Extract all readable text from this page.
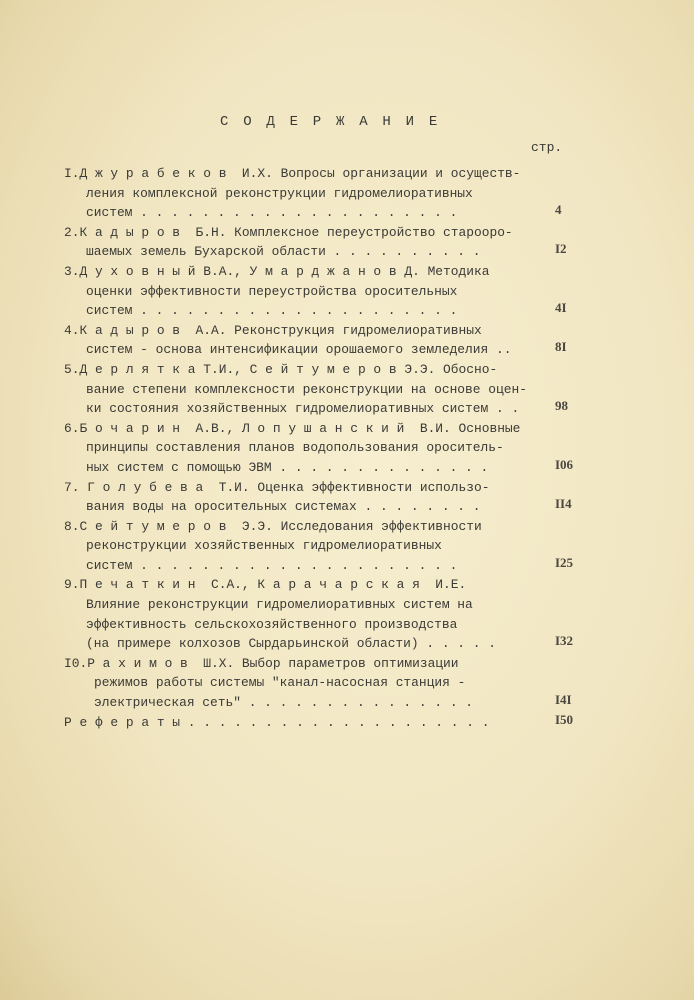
С О Д Е Р Ж А Н И Е
стр.
I.Д ж у р а б е к о в  И.Х. Вопросы организации и осуществ-
ления комплексной реконструкции гидромелиоративных
систем . . . . . . . . . . . . . . . . . . . . .	4
2.К а д ы р о в  Б.Н. Комплексное переустройство староорo-
шаемых земель Бухарской области . . . . . . . . . .	I2
3.Д у х о в н ы й В.А., У м а р д ж а н о в Д. Методика
оценки эффективности переустройства оросительных
систем . . . . . . . . . . . . . . . . . . . . .	4I
4.К а д ы р о в  А.А. Реконструкция гидромелиоративных
систем - основа интенсификации орошаемого земледелия ..	8I
5.Д е р л я т к а Т.И., С е й т у м е р о в Э.Э. Обосно-
вание степени комплексности реконструкции на основе оцен-
ки состояния хозяйственных гидромелиоративных систем . .	98
6.Б о ч а р и н  А.В., Л о п у ш а н с к и й  В.И. Основные
принципы составления планов водопользования ороситель-
ных систем с помощью ЭВМ . . . . . . . . . . . . . .	I06
7. Г о л у б е в а  Т.И. Оценка эффективности использо-
вания воды на оросительных системах . . . . . . . .	II4
8.С е й т у м е р о в  Э.Э. Исследования эффективности
реконструкции хозяйственных гидромелиоративных
систем . . . . . . . . . . . . . . . . . . . . .	I25
9.П е ч а т к и н  С.А., К а р а ч а р с к а я  И.Е.
Влияние реконструкции гидромелиоративных систем на
эффективность сельскохозяйственного производства
(на примере колхозов Сырдарьинской области) . . . . .	I32
I0.Р а х и м о в  Ш.Х. Выбор параметров оптимизации
режимов работы системы "канал-насосная станция -
электрическая сеть" . . . . . . . . . . . . . . .	I4I
Р е ф е р а т ы . . . . . . . . . . . . . . . . . . . .	I50
